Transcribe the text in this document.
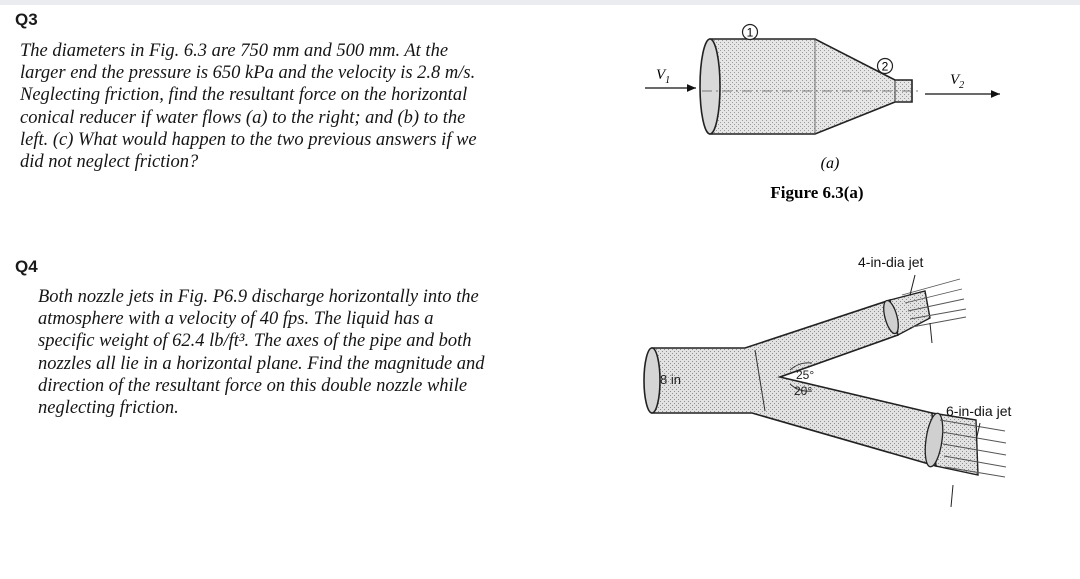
Q3
The diameters in Fig. 6.3 are 750 mm and 500 mm. At the
larger end the pressure is 650 kPa and the velocity is 2.8 m/s.
Neglecting friction, find the resultant force on the horizontal
conical reducer if water flows (a) to the right; and (b) to the
left. (c) What would happen to the two previous answers if we
did not neglect friction?
1
2
$V_1$	$V_2$
(a)
Figure 6.3(a)
Q4
Both nozzle jets in Fig. P6.9 discharge horizontally into the
atmosphere with a velocity of 40 fps. The liquid has a
specific weight of 62.4 lb/ft³. The axes of the pipe and both
nozzles all lie in a horizontal plane. Find the magnitude and
direction of the resultant force on this double nozzle while
neglecting friction.
25°
20°
8 in
4-in-dia jet
6-in-dia jet
